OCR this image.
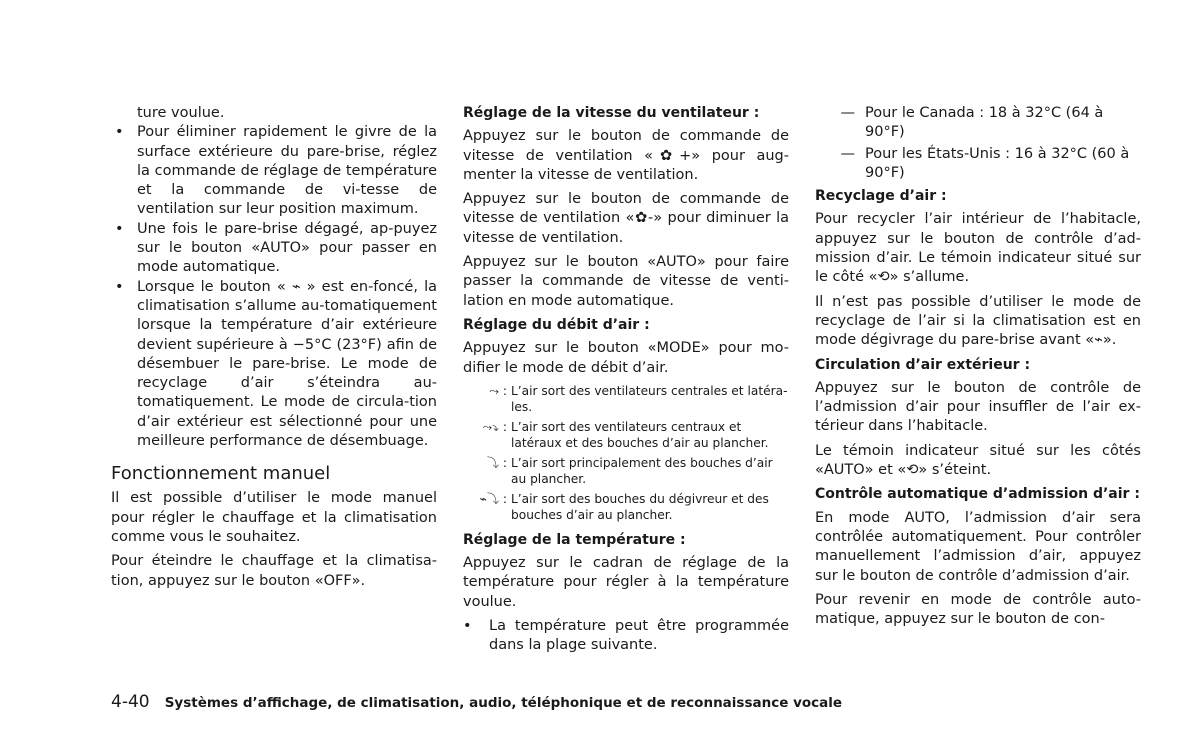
ture voulue.

• Pour éliminer rapidement le givre de la surface extérieure du pare-brise, réglez la commande de réglage de température et la commande de vi-tesse de ventilation sur leur position maximum.
• Une fois le pare-brise dégagé, ap-puyez sur le bouton «AUTO» pour passer en mode automatique.
• Lorsque le bouton « ⌁ » est en-foncé, la climatisation s’allume au-tomatiquement lorsque la température d’air extérieure devient supérieure à −5°C (23°F) afin de désembuer le pare-brise. Le mode de recyclage d’air s’éteindra au-tomatiquement. Le mode de circula-tion d’air extérieur est sélectionné pour une meilleure performance de désembuage.
Fonctionnement manuel

Il est possible d’utiliser le mode manuel pour régler le chauffage et la climatisation comme vous le souhaitez.

Pour éteindre le chauffage et la climatisa-tion, appuyez sur le bouton «OFF».

Réglage de la vitesse du ventilateur :

Appuyez sur le bouton de commande de vitesse de ventilation «✿+» pour aug-menter la vitesse de ventilation.

Appuyez sur le bouton de commande de vitesse de ventilation «✿-» pour diminuer la vitesse de ventilation.

Appuyez sur le bouton «AUTO» pour faire passer la commande de vitesse de venti-lation en mode automatique.

Réglage du débit d’air :

Appuyez sur le bouton «MODE» pour mo-difier le mode de débit d’air.

⤳ : L’air sort des ventilateurs centrales et latéra-les.
⤳⤵ : L’air sort des ventilateurs centraux et latéraux et des bouches d’air au plancher.
⤵ : L’air sort principalement des bouches d’air au plancher.
⌁⤵ : L’air sort des bouches du dégivreur et des bouches d’air au plancher.

Réglage de la température :

Appuyez sur le cadran de réglage de la température pour régler à la température voulue.

•	La température peut être programmée dans la plage suivante.
— Pour le Canada : 18 à 32°C (64 à 90°F)
— Pour les États-Unis : 16 à 32°C (60 à 90°F)

Recyclage d’air :

Pour recycler l’air intérieur de l’habitacle, appuyez sur le bouton de contrôle d’ad-mission d’air. Le témoin indicateur situé sur le côté «⟲» s’allume.

Il n’est pas possible d’utiliser le mode de recyclage de l’air si la climatisation est en mode dégivrage du pare-brise avant «⌁».

Circulation d’air extérieur :

Appuyez sur le bouton de contrôle de l’admission d’air pour insuffler de l’air ex-térieur dans l’habitacle.

Le témoin indicateur situé sur les côtés «AUTO» et «⟲» s’éteint.

Contrôle automatique d’admission d’air :

En mode AUTO, l’admission d’air sera contrôlée automatiquement. Pour contrôler manuellement l’admission d’air, appuyez sur le bouton de contrôle d’admission d’air.

Pour revenir en mode de contrôle auto-matique, appuyez sur le bouton de con-

4-40 Systèmes d’affichage, de climatisation, audio, téléphonique et de reconnaissance vocale
